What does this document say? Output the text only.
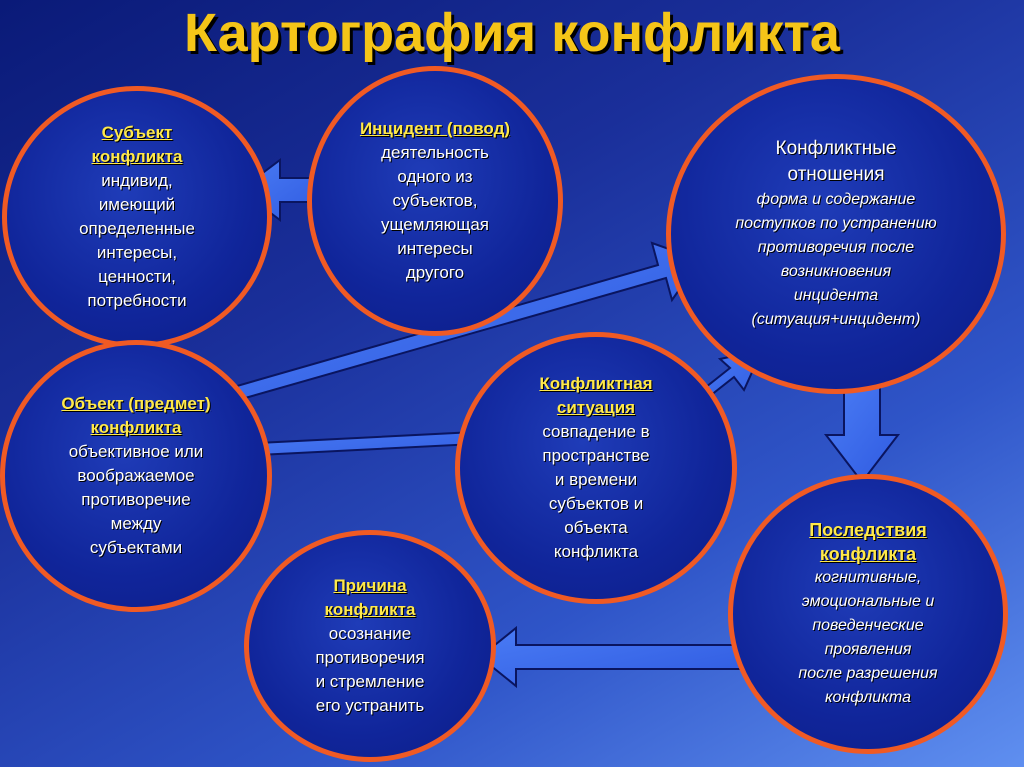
Картография конфликта
Субъект
конфликта
индивид,
имеющий
определенные
интересы,
ценности,
потребности
Инцидент (повод)
деятельность
одного из
субъектов,
ущемляющая
интересы
другого
Конфликтные
отношения
форма и содержание
поступков по устранению
противоречия после
возникновения
инцидента
(ситуация+инцидент)
Объект (предмет)
конфликта
объективное или
воображаемое
противоречие
между
субъектами
Конфликтная
ситуация
совпадение в
пространстве
и времени
субъектов и
объекта
конфликта
Причина
конфликта
осознание
противоречия
и стремление
его устранить
Последствия
конфликта
когнитивные,
эмоциональные и
поведенческие
проявления
после разрешения
конфликта
